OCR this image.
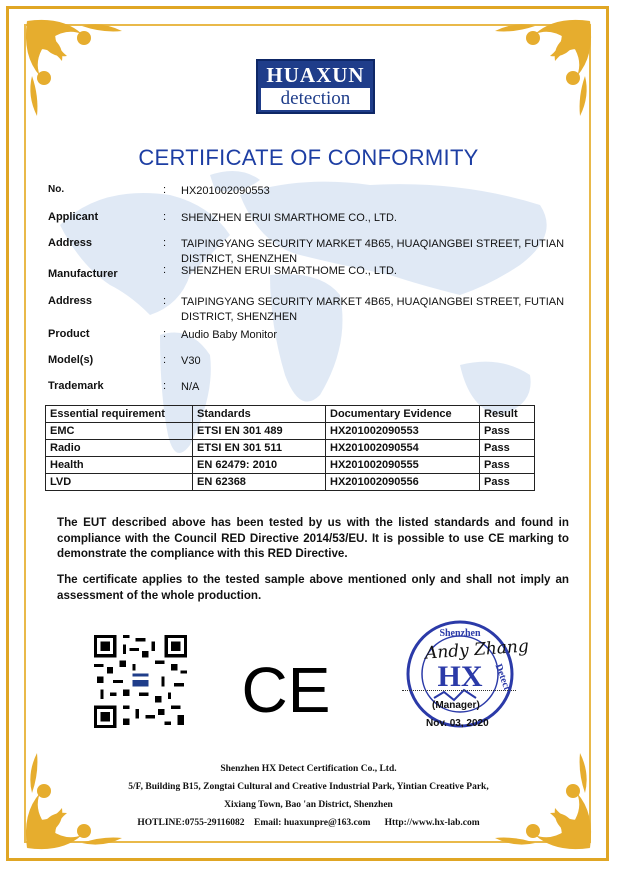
HUAXUN
detection
CERTIFICATE OF CONFORMITY
No.	: HX201002090553
Applicant	: SHENZHEN ERUI SMARTHOME CO., LTD.
Address	: TAIPINGYANG SECURITY MARKET 4B65, HUAQIANGBEI STREET, FUTIAN DISTRICT, SHENZHEN
Manufacturer	: SHENZHEN ERUI SMARTHOME CO., LTD.
Address	: TAIPINGYANG SECURITY MARKET 4B65, HUAQIANGBEI STREET, FUTIAN DISTRICT, SHENZHEN
Product	: Audio Baby Monitor
Model(s)	: V30
Trademark	: N/A
Essential requirement	Standards	Documentary Evidence	Result
EMC	ETSI EN 301 489	HX201002090553	Pass
Radio	ETSI EN 301 511	HX201002090554	Pass
Health	EN 62479: 2010	HX201002090555	Pass
LVD	EN 62368	HX201002090556	Pass
The EUT described above has been tested by us with the listed standards and found in compliance with the Council RED Directive 2014/53/EU. It is possible to use CE marking to demonstrate the compliance with this RED Directive.
The certificate applies to the tested sample above mentioned only and shall not imply an assessment of the whole production.
CE
Shenzhen
Detect
HX
Andy Zhang
(Manager)
Nov. 03, 2020
Shenzhen HX Detect Certification Co., Ltd.
5/F, Building B15, Zongtai Cultural and Creative Industrial Park, Yintian Creative Park,
Xixiang Town, Bao 'an District, Shenzhen
HOTLINE:0755-29116082    Email: huaxunpre@163.com      Http://www.hx-lab.com
